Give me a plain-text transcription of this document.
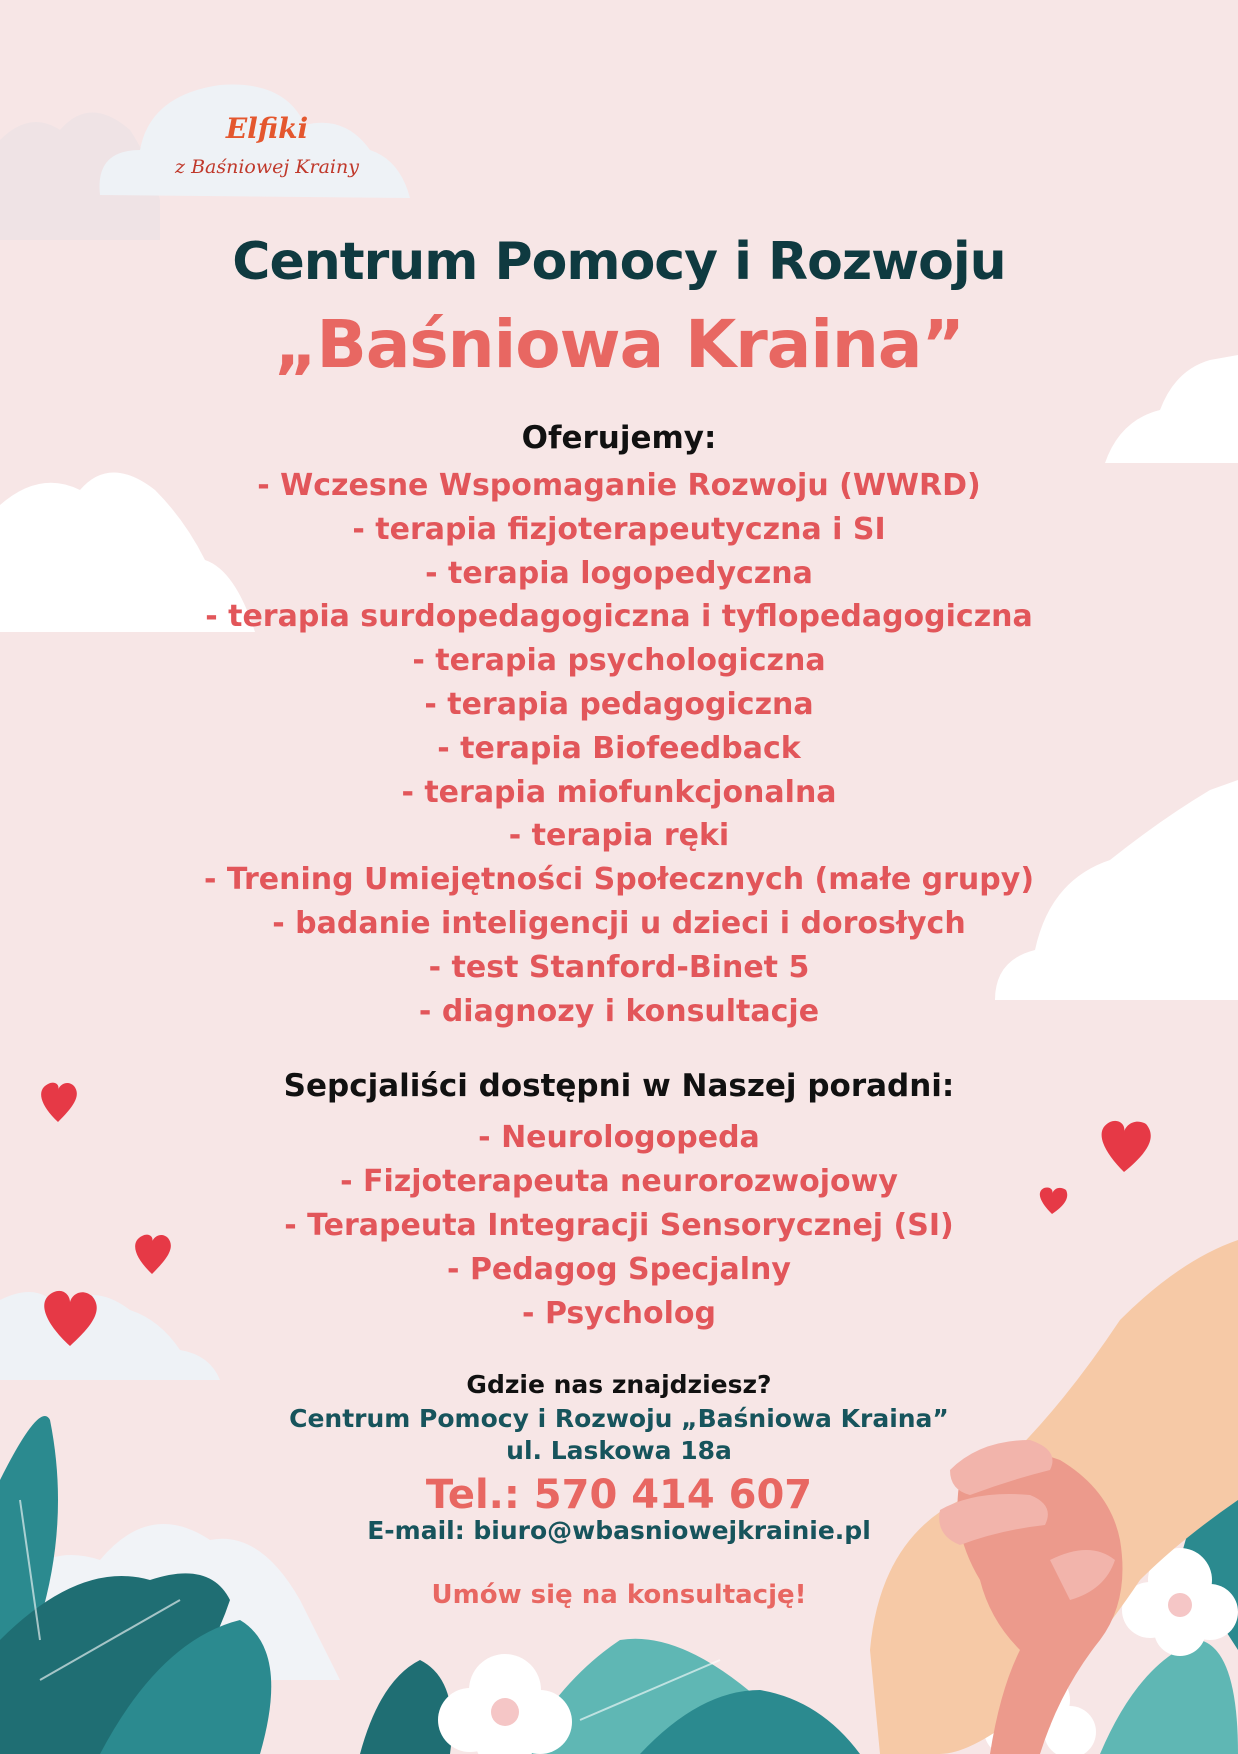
Elfiki
z Baśniowej Krainy
Centrum Pomocy i Rozwoju
„Baśniowa Kraina”
Oferujemy:
- Wczesne Wspomaganie Rozwoju (WWRD)
- terapia fizjoterapeutyczna i SI
- terapia logopedyczna
- terapia surdopedagogiczna i tyflopedagogiczna
- terapia psychologiczna
- terapia pedagogiczna
- terapia Biofeedback
- terapia miofunkcjonalna
- terapia ręki
- Trening Umiejętności Społecznych (małe grupy)
- badanie inteligencji u dzieci i dorosłych
- test Stanford-Binet 5
- diagnozy i konsultacje
Sepcjaliści dostępni w Naszej poradni:
- Neurologopeda
- Fizjoterapeuta neurorozwojowy
- Terapeuta Integracji Sensorycznej (SI)
- Pedagog Specjalny
- Psycholog
Gdzie nas znajdziesz?
Centrum Pomocy i Rozwoju „Baśniowa Kraina”
ul. Laskowa 18a
Tel.: 570 414 607
E-mail: biuro@wbasniowejkrainie.pl
Umów się na konsultację!
